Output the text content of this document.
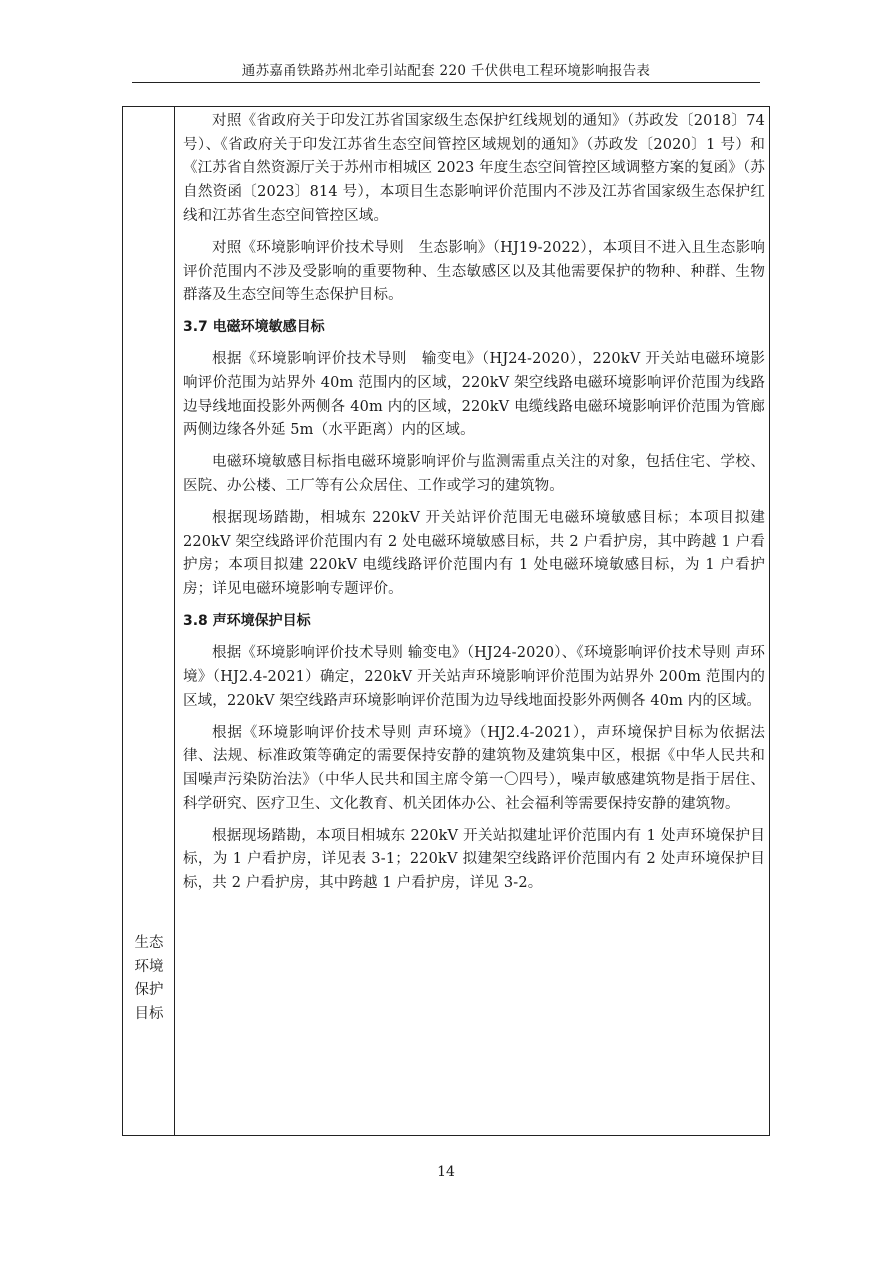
通苏嘉甬铁路苏州北牵引站配套 220 千伏供电工程环境影响报告表
生态
环境
保护
目标

对照《省政府关于印发江苏省国家级生态保护红线规划的通知》（苏政发〔2018〕74 号）、《省政府关于印发江苏省生态空间管控区域规划的通知》（苏政发〔2020〕1 号）和《江苏省自然资源厅关于苏州市相城区 2023 年度生态空间管控区域调整方案的复函》（苏自然资函〔2023〕814 号），本项目生态影响评价范围内不涉及江苏省国家级生态保护红线和江苏省生态空间管控区域。

对照《环境影响评价技术导则　生态影响》（HJ19-2022），本项目不进入且生态影响评价范围内不涉及受影响的重要物种、生态敏感区以及其他需要保护的物种、种群、生物群落及生态空间等生态保护目标。

3.7 电磁环境敏感目标

根据《环境影响评价技术导则　输变电》（HJ24-2020），220kV 开关站电磁环境影响评价范围为站界外 40m 范围内的区域，220kV 架空线路电磁环境影响评价范围为线路边导线地面投影外两侧各 40m 内的区域，220kV 电缆线路电磁环境影响评价范围为管廊两侧边缘各外延 5m（水平距离）内的区域。

电磁环境敏感目标指电磁环境影响评价与监测需重点关注的对象，包括住宅、学校、医院、办公楼、工厂等有公众居住、工作或学习的建筑物。

根据现场踏勘，相城东 220kV 开关站评价范围无电磁环境敏感目标；本项目拟建 220kV 架空线路评价范围内有 2 处电磁环境敏感目标，共 2 户看护房，其中跨越 1 户看护房；本项目拟建 220kV 电缆线路评价范围内有 1 处电磁环境敏感目标，为 1 户看护房；详见电磁环境影响专题评价。

3.8 声环境保护目标

根据《环境影响评价技术导则 输变电》（HJ24-2020）、《环境影响评价技术导则 声环境》（HJ2.4-2021）确定，220kV 开关站声环境影响评价范围为站界外 200m 范围内的区域，220kV 架空线路声环境影响评价范围为边导线地面投影外两侧各 40m 内的区域。

根据《环境影响评价技术导则 声环境》（HJ2.4-2021），声环境保护目标为依据法律、法规、标准政策等确定的需要保持安静的建筑物及建筑集中区，根据《中华人民共和国噪声污染防治法》（中华人民共和国主席令第一〇四号），噪声敏感建筑物是指于居住、科学研究、医疗卫生、文化教育、机关团体办公、社会福利等需要保持安静的建筑物。

根据现场踏勘，本项目相城东 220kV 开关站拟建址评价范围内有 1 处声环境保护目标，为 1 户看护房，详见表 3-1；220kV 拟建架空线路评价范围内有 2 处声环境保护目标，共 2 户看护房，其中跨越 1 户看护房，详见 3-2。

14
